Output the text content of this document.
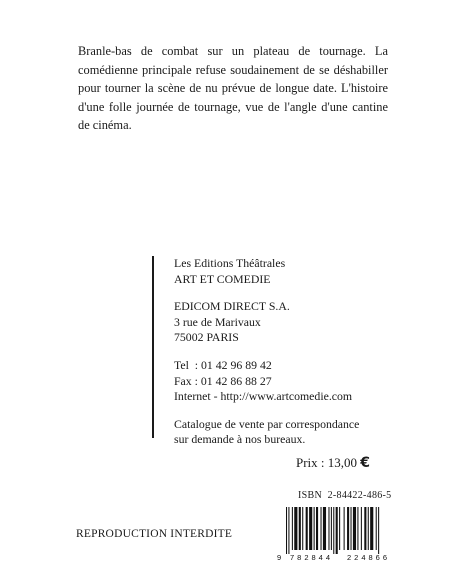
Branle-bas de combat sur un plateau de tournage. La comédienne principale refuse soudainement de se déshabiller pour tourner la scène de nu prévue de longue date. L'histoire d'une folle journée de tournage, vue de l'angle d'une cantine de cinéma.

Les Editions Théâtrales

ART ET COMEDIE

EDICOM DIRECT S.A.

3 rue de Marivaux

75002 PARIS

Tel  : 01 42 96 89 42

Fax : 01 42 86 88 27

Internet - http://www.artcomedie.com

Catalogue de vente par correspondance

sur demande à nos bureaux.

Prix : 13,00 €
ISBN  2-84422-486-5
REPRODUCTION INTERDITE
9 782844 224866
